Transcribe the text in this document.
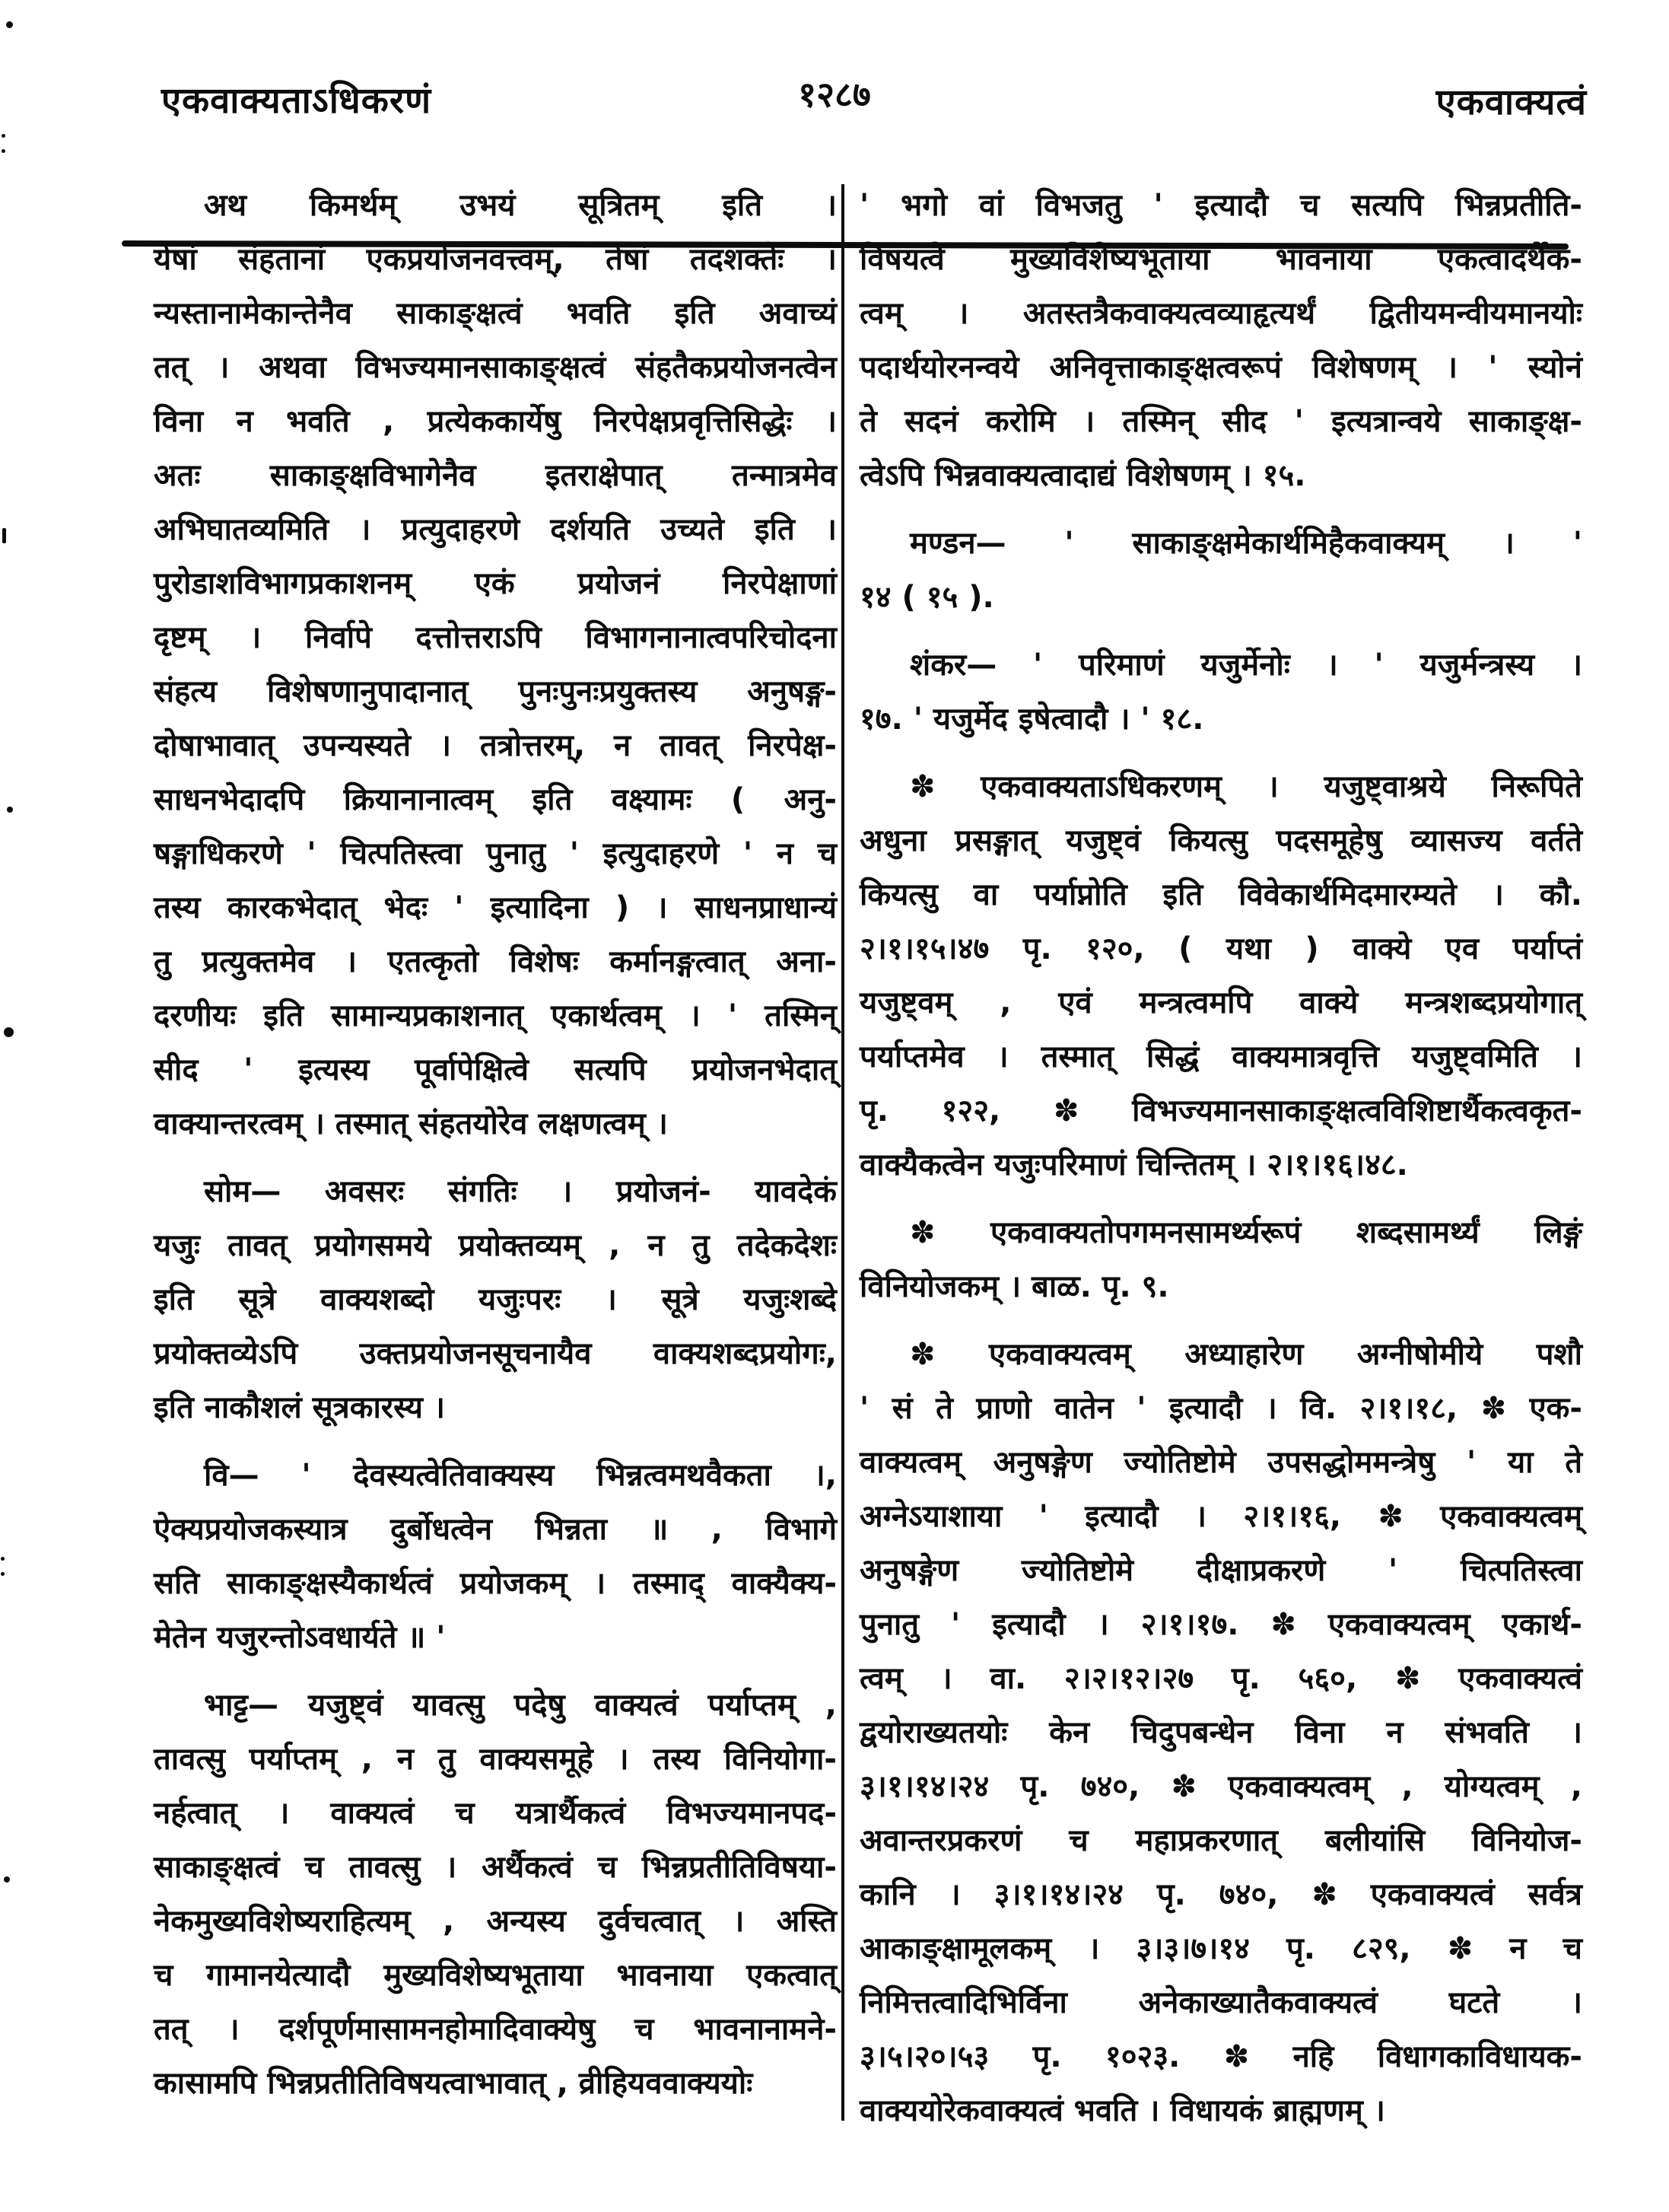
एकवाक्यताऽधिकरणं	१२८७	एकवाक्यत्वं
अथ किमर्थम् उभयं सूत्रितम् इति ।
येषां संहतानां एकप्रयोजनवत्त्वम्, तेषां तदशक्तेः ।
न्यस्तानामेकान्तेनैव साकाङ्क्षत्वं भवति इति अवाच्यं
तत् । अथवा विभज्यमानसाकाङ्क्षत्वं संहतैकप्रयोजनत्वेन
विना न भवति , प्रत्येककार्येषु निरपेक्षप्रवृत्तिसिद्धेः ।
अतः साकाङ्क्षविभागेनैव इतराक्षेपात् तन्मात्रमेव
अभिघातव्यमिति । प्रत्युदाहरणे दर्शयति उच्यते इति ।
पुरोडाशविभागप्रकाशनम् एकं प्रयोजनं निरपेक्षाणां
दृष्टम् । निर्वापे दत्तोत्तराऽपि विभागनानात्वपरिचोदना
संहत्य विशेषणानुपादानात् पुनःपुनःप्रयुक्तस्य अनुषङ्ग-
दोषाभावात् उपन्यस्यते । तत्रोत्तरम्, न तावत् निरपेक्ष-
साधनभेदादपि क्रियानानात्वम् इति वक्ष्यामः ( अनु-
षङ्गाधिकरणे ' चित्पतिस्त्वा पुनातु ' इत्युदाहरणे ' न च
तस्य कारकभेदात् भेदः ' इत्यादिना ) । साधनप्राधान्यं
तु प्रत्युक्तमेव । एतत्कृतो विशेषः कर्मानङ्गत्वात् अना-
दरणीयः इति सामान्यप्रकाशनात् एकार्थत्वम् । ' तस्मिन्
सीद ' इत्यस्य पूर्वापेक्षित्वे सत्यपि प्रयोजनभेदात्
वाक्यान्तरत्वम् । तस्मात् संहतयोरेव लक्षणत्वम् ।
सोम— अवसरः संगतिः । प्रयोजनं- यावदेकं
यजुः तावत् प्रयोगसमये प्रयोक्तव्यम् , न तु तदेकदेशः
इति सूत्रे वाक्यशब्दो यजुःपरः । सूत्रे यजुःशब्दे
प्रयोक्तव्येऽपि उक्तप्रयोजनसूचनायैव वाक्यशब्दप्रयोगः,
इति नाकौशलं सूत्रकारस्य ।
वि— ' देवस्यत्वेतिवाक्यस्य भिन्नत्वमथवैकता ।,
ऐक्यप्रयोजकस्यात्र दुर्बोधत्वेन भिन्नता ॥ , विभागे
सति साकाङ्क्षस्यैकार्थत्वं प्रयोजकम् । तस्माद् वाक्यैक्य-
मेतेन यजुरन्तोऽवधार्यते ॥ '
भाट्ट— यजुष्ट्वं यावत्सु पदेषु वाक्यत्वं पर्याप्तम् ,
तावत्सु पर्याप्तम् , न तु वाक्यसमूहे । तस्य विनियोगा-
नर्हत्वात् । वाक्यत्वं च यत्रार्थैकत्वं विभज्यमानपद-
साकाङ्क्षत्वं च तावत्सु । अर्थैकत्वं च भिन्नप्रतीतिविषया-
नेकमुख्यविशेष्यराहित्यम् , अन्यस्य दुर्वचत्वात् । अस्ति
च गामानयेत्यादौ मुख्यविशेष्यभूताया भावनाया एकत्वात्
तत् । दर्शपूर्णमासामनहोमादिवाक्येषु च भावनानामने-
कासामपि भिन्नप्रतीतिविषयत्वाभावात् , व्रीहियववाक्ययोः
' भगो वां विभजतु ' इत्यादौ च सत्यपि भिन्नप्रतीति-
विषयत्वे मुख्यविशेष्यभूताया भावनाया एकत्वादर्थैक-
त्वम् । अतस्तत्रैकवाक्यत्वव्याहृत्यर्थं द्वितीयमन्वीयमानयोः
पदार्थयोरनन्वये अनिवृत्ताकाङ्क्षत्वरूपं विशेषणम् । ' स्योनं
ते सदनं करोमि । तस्मिन् सीद ' इत्यत्रान्वये साकाङ्क्ष-
त्वेऽपि भिन्नवाक्यत्वादाद्यं विशेषणम् । १५.
मण्डन— ' साकाङ्क्षमेकार्थमिहैकवाक्यम् । '
१४ ( १५ ).
शंकर— ' परिमाणं यजुर्मेनोः । ' यजुर्मन्त्रस्य ।
१७. ' यजुर्मेद इषेत्वादौ । ' १८.
✽ एकवाक्यताऽधिकरणम् । यजुष्ट्वाश्रये निरूपिते
अधुना प्रसङ्गात् यजुष्ट्वं कियत्सु पदसमूहेषु व्यासज्य वर्तते
कियत्सु वा पर्याप्नोति इति विवेकार्थमिदमारम्यते । कौ.
२।१।१५।४७ पृ. १२०, ( यथा ) वाक्ये एव पर्याप्तं
यजुष्ट्वम् , एवं मन्त्रत्वमपि वाक्ये मन्त्रशब्दप्रयोगात्
पर्याप्तमेव । तस्मात् सिद्धं वाक्यमात्रवृत्ति यजुष्ट्वमिति ।
पृ. १२२, ✽ विभज्यमानसाकाङ्क्षत्वविशिष्टार्थैकत्वकृत-
वाक्यैकत्वेन यजुःपरिमाणं चिन्तितम् । २।१।१६।४८.
✽ एकवाक्यतोपगमनसामर्थ्यरूपं शब्दसामर्थ्यं लिङ्गं
विनियोजकम् । बाळ. पृ. ९.
✽ एकवाक्यत्वम् अध्याहारेण अग्नीषोमीये पशौ
' सं ते प्राणो वातेन ' इत्यादौ । वि. २।१।१८, ✽ एक-
वाक्यत्वम् अनुषङ्गेण ज्योतिष्टोमे उपसद्धोममन्त्रेषु ' या ते
अग्नेऽयाशाया ' इत्यादौ । २।१।१६, ✽ एकवाक्यत्वम्
अनुषङ्गेण ज्योतिष्टोमे दीक्षाप्रकरणे ' चित्पतिस्त्वा
पुनातु ' इत्यादौ । २।१।१७. ✽ एकवाक्यत्वम् एकार्थ-
त्वम् । वा. २।२।१२।२७ पृ. ५६०, ✽ एकवाक्यत्वं
द्वयोराख्यतयोः केन चिदुपबन्धेन विना न संभवति ।
३।१।१४।२४ पृ. ७४०, ✽ एकवाक्यत्वम् , योग्यत्वम् ,
अवान्तरप्रकरणं च महाप्रकरणात् बलीयांसि विनियोज-
कानि । ३।१।१४।२४ पृ. ७४०, ✽ एकवाक्यत्वं सर्वत्र
आकाङ्क्षामूलकम् । ३।३।७।१४ पृ. ८२९, ✽ न च
निमित्तत्वादिभिर्विना अनेकाख्यातैकवाक्यत्वं घटते ।
३।५।२०।५३ पृ. १०२३. ✽ नहि विधागकाविधायक-
वाक्ययोरेकवाक्यत्वं भवति । विधायकं ब्राह्मणम् ।
